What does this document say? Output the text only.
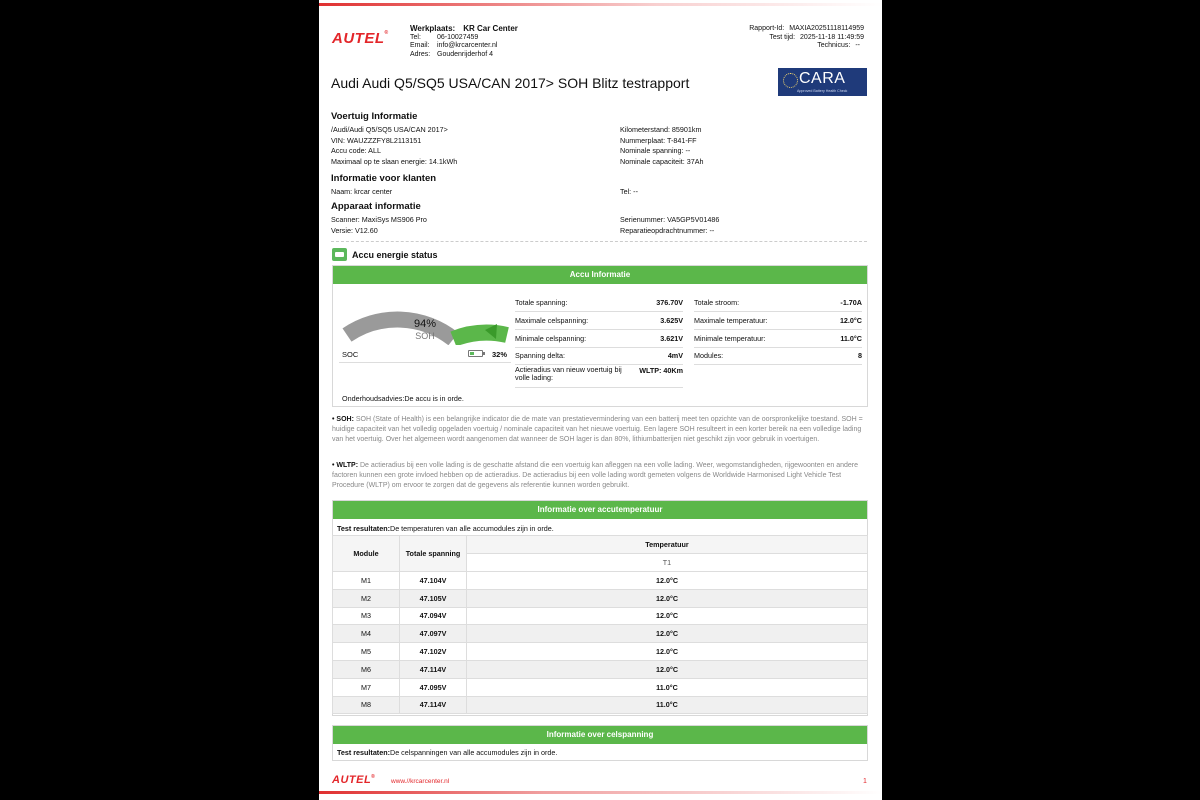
AUTEL®	Werkplaats: KR Car Center
Tel:	06-10027459
Email:	info@krcarcenter.nl
Adres: Goudenrijderhof 4
Rapport-Id: MAXIA20251118114959
Test tijd: 2025-11-18 11:49:59
Technicus: --
Audi Audi Q5/SQ5 USA/CAN 2017> SOH Blitz testrapport	CARA
Approved Battery Health Check
Voertuig Informatie
/Audi/Audi Q5/SQ5 USA/CAN 2017>
VIN: WAUZZZFY8L2113151
Accu code: ALL
Maximaal op te slaan energie: 14.1kWh
Kilometerstand: 85901km
Nummerplaat: T-841-FF
Nominale spanning: --
Nominale capaciteit: 37Ah
Informatie voor klanten
Naam: krcar center	Tel: --
Apparaat informatie
Scanner: MaxiSys MS906 Pro
Versie: V12.60
Serienummer: VA5GP5V01486
Reparatieopdrachtnummer: --
Accu energie status
Accu Informatie
94%
SOH
SOC	32%
Totale spanning:	376.70V
Maximale celspanning:	3.625V
Minimale celspanning:	3.621V
Spanning delta:	4mV
Actieradius van nieuw voertuig bij volle lading:
WLTP: 40Km
Totale stroom:	-1.70A
Maximale temperatuur:	12.0°C
Minimale temperatuur:	11.0°C
Modules:	8
Onderhoudsadvies:De accu is in orde.
• SOH: SOH (State of Health) is een belangrijke indicator die de mate van prestatievermindering van een batterij meet ten opzichte van de oorspronkelijke toestand. SOH = huidige capaciteit van het volledig opgeladen voertuig / nominale capaciteit van het nieuwe voertuig. Een lagere SOH resulteert in een korter bereik na een volledige lading van het voertuig. Over het algemeen wordt aangenomen dat wanneer de SOH lager is dan 80%, lithiumbatterijen niet geschikt zijn voor gebruik in voertuigen.
• WLTP: De actieradius bij een volle lading is de geschatte afstand die een voertuig kan afleggen na een volle lading. Weer, wegomstandigheden, rijgewoonten en andere factoren kunnen een grote invloed hebben op de actieradius. De actieradius bij een volle lading wordt gemeten volgens de Worldwide Harmonised Light Vehicle Test Procedure (WLTP) om ervoor te zorgen dat de gegevens als referentie kunnen worden gebruikt.
Informatie over accutemperatuur
Test resultaten:De temperaturen van alle accumodules zijn in orde.
Module	Totale spanning	Temperatuur
		T1
M1	47.104V	12.0°C
M2	47.105V	12.0°C
M3	47.094V	12.0°C
M4	47.097V	12.0°C
M5	47.102V	12.0°C
M6	47.114V	12.0°C
M7	47.095V	11.0°C
M8	47.114V	11.0°C
Informatie over celspanning
Test resultaten:De celspanningen van alle accumodules zijn in orde.
AUTEL®
www.//krcarcenter.nl	1
